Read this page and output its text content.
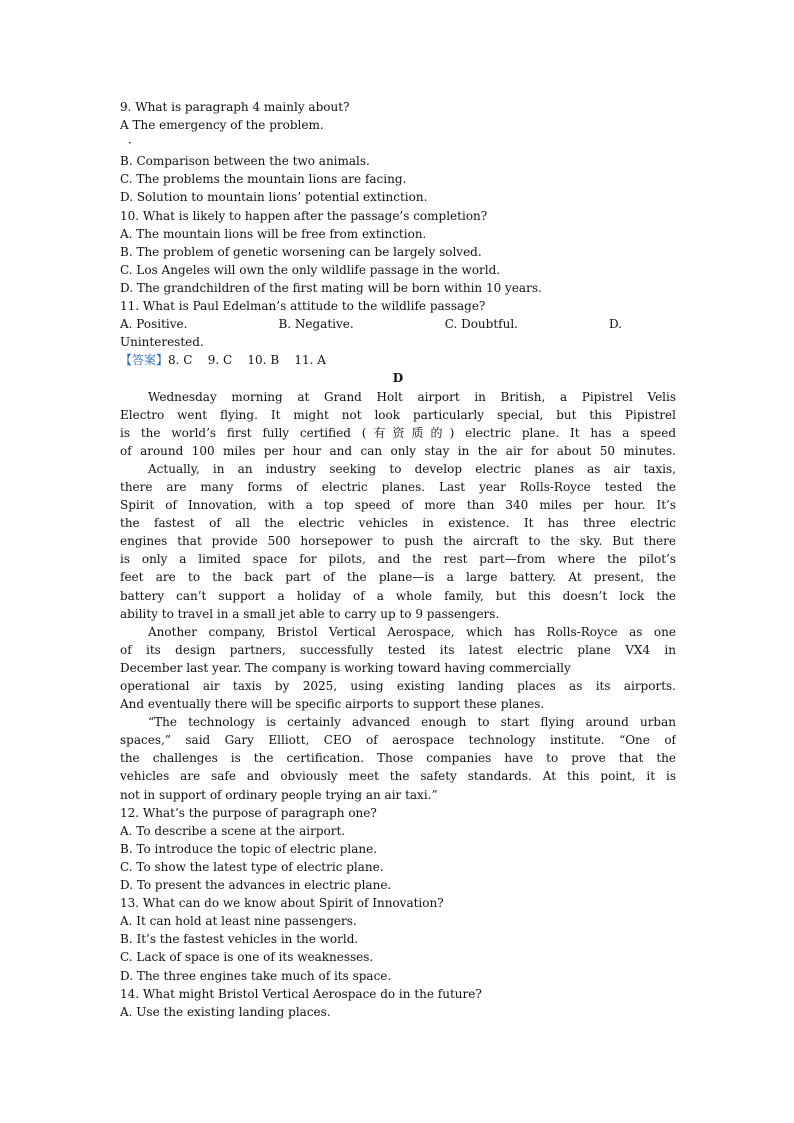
9. What is paragraph 4 mainly about?
A The emergency of the problem.
·
B. Comparison between the two animals.
C. The problems the mountain lions are facing.
D. Solution to mountain lions’ potential extinction.
10. What is likely to happen after the passage’s completion?
A. The mountain lions will be free from extinction.
B. The problem of genetic worsening can be largely solved.
C. Los Angeles will own the only wildlife passage in the world.
D. The grandchildren of the first mating will be born within 10 years.
11. What is Paul Edelman’s attitude to the wildlife passage?
A. Positive.	B. Negative.	C. Doubtful.	D.
Uninterested.
【答案】8. C    9. C    10. B    11. A
D
Wednesday morning at Grand Holt airport in British, a Pipistrel Velis
Electro went flying. It might not look particularly special, but this Pipistrel
is the world’s first fully certified (有资质的) electric plane. It has a speed
of around 100 miles per hour and can only stay in the air for about 50 minutes.
Actually, in an industry seeking to develop electric planes as air taxis,
there are many forms of electric planes. Last year Rolls-Royce tested the
Spirit of Innovation, with a top speed of more than 340 miles per hour. It’s
the fastest of all the electric vehicles in existence. It has three electric
engines that provide 500 horsepower to push the aircraft to the sky. But there
is only a limited space for pilots, and the rest part—from where the pilot’s
feet are to the back part of the plane—is a large battery. At present, the
battery can’t support a holiday of a whole family, but this doesn’t lock the
ability to travel in a small jet able to carry up to 9 passengers.
Another company, Bristol Vertical Aerospace, which has Rolls-Royce as one
of its design partners, successfully tested its latest electric plane VX4 in
December last year. The company is working toward having commercially
operational air taxis by 2025, using existing landing places as its airports.
And eventually there will be specific airports to support these planes.
“The technology is certainly advanced enough to start flying around urban
spaces,” said Gary Elliott, CEO of aerospace technology institute. “One of
the challenges is the certification. Those companies have to prove that the
vehicles are safe and obviously meet the safety standards. At this point, it is
not in support of ordinary people trying an air taxi.”
12. What’s the purpose of paragraph one?
A. To describe a scene at the airport.
B. To introduce the topic of electric plane.
C. To show the latest type of electric plane.
D. To present the advances in electric plane.
13. What can do we know about Spirit of Innovation?
A. It can hold at least nine passengers.
B. It’s the fastest vehicles in the world.
C. Lack of space is one of its weaknesses.
D. The three engines take much of its space.
14. What might Bristol Vertical Aerospace do in the future?
A. Use the existing landing places.
